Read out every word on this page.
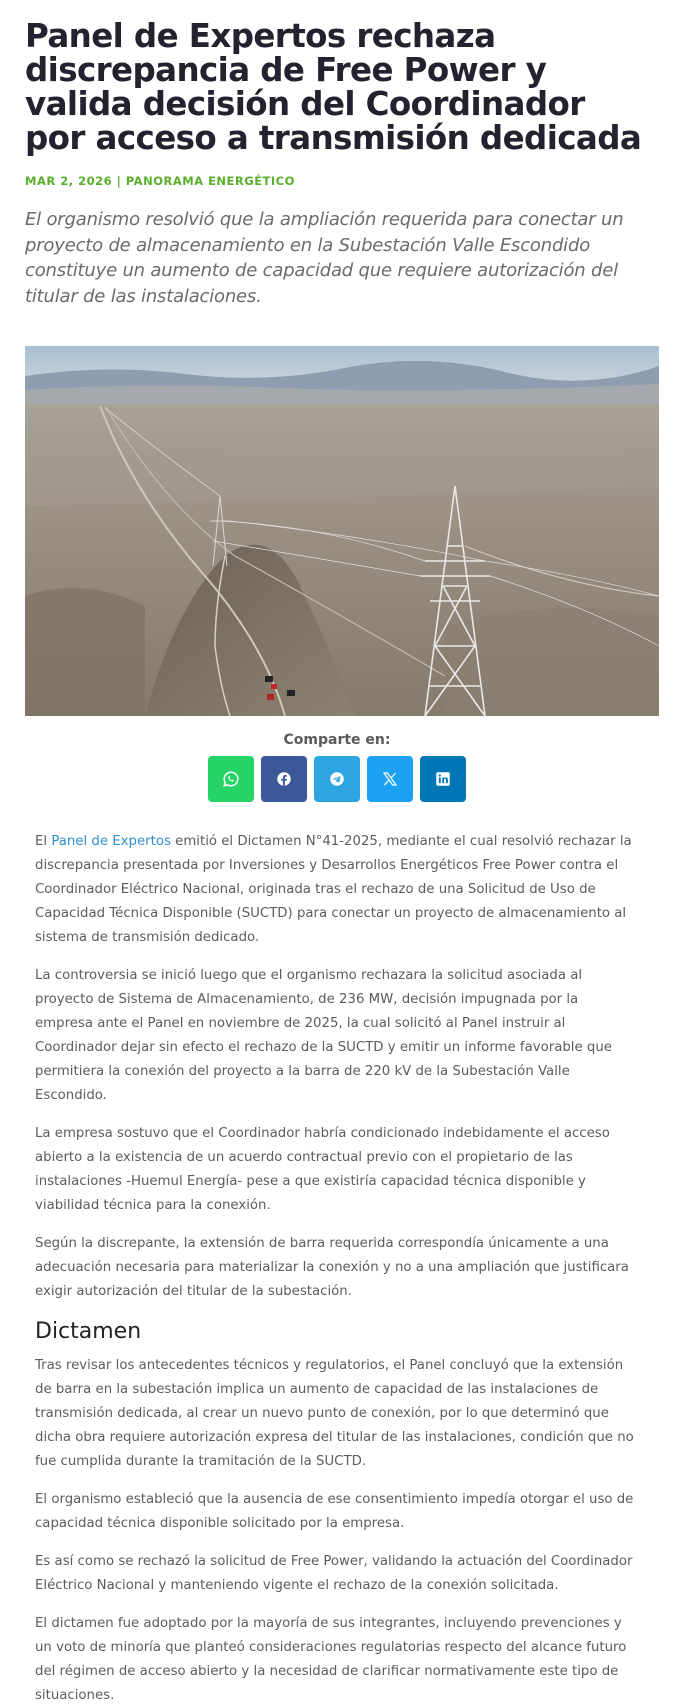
Panel de Expertos rechaza discrepancia de Free Power y valida decisión del Coordinador por acceso a transmisión dedicada
MAR 2, 2026 | PANORAMA ENERGÉTICO

El organismo resolvió que la ampliación requerida para conectar un proyecto de almacenamiento en la Subestación Valle Escondido constituye un aumento de capacidad que requiere autorización del titular de las instalaciones.

Comparte en:

El Panel de Expertos emitió el Dictamen N°41-2025, mediante el cual resolvió rechazar la discrepancia presentada por Inversiones y Desarrollos Energéticos Free Power contra el Coordinador Eléctrico Nacional, originada tras el rechazo de una Solicitud de Uso de Capacidad Técnica Disponible (SUCTD) para conectar un proyecto de almacenamiento al sistema de transmisión dedicado.

La controversia se inició luego que el organismo rechazara la solicitud asociada al proyecto de Sistema de Almacenamiento, de 236 MW, decisión impugnada por la empresa ante el Panel en noviembre de 2025, la cual solicitó al Panel instruir al Coordinador dejar sin efecto el rechazo de la SUCTD y emitir un informe favorable que permitiera la conexión del proyecto a la barra de 220 kV de la Subestación Valle Escondido.

La empresa sostuvo que el Coordinador habría condicionado indebidamente el acceso abierto a la existencia de un acuerdo contractual previo con el propietario de las instalaciones -Huemul Energía- pese a que existiría capacidad técnica disponible y viabilidad técnica para la conexión.

Según la discrepante, la extensión de barra requerida correspondía únicamente a una adecuación necesaria para materializar la conexión y no a una ampliación que justificara exigir autorización del titular de la subestación.

Dictamen

Tras revisar los antecedentes técnicos y regulatorios, el Panel concluyó que la extensión de barra en la subestación implica un aumento de capacidad de las instalaciones de transmisión dedicada, al crear un nuevo punto de conexión, por lo que determinó que dicha obra requiere autorización expresa del titular de las instalaciones, condición que no fue cumplida durante la tramitación de la SUCTD.

El organismo estableció que la ausencia de ese consentimiento impedía otorgar el uso de capacidad técnica disponible solicitado por la empresa.

Es así como se rechazó la solicitud de Free Power, validando la actuación del Coordinador Eléctrico Nacional y manteniendo vigente el rechazo de la conexión solicitada.

El dictamen fue adoptado por la mayoría de sus integrantes, incluyendo prevenciones y un voto de minoría que planteó consideraciones regulatorias respecto del alcance futuro del régimen de acceso abierto y la necesidad de clarificar normativamente este tipo de situaciones.
